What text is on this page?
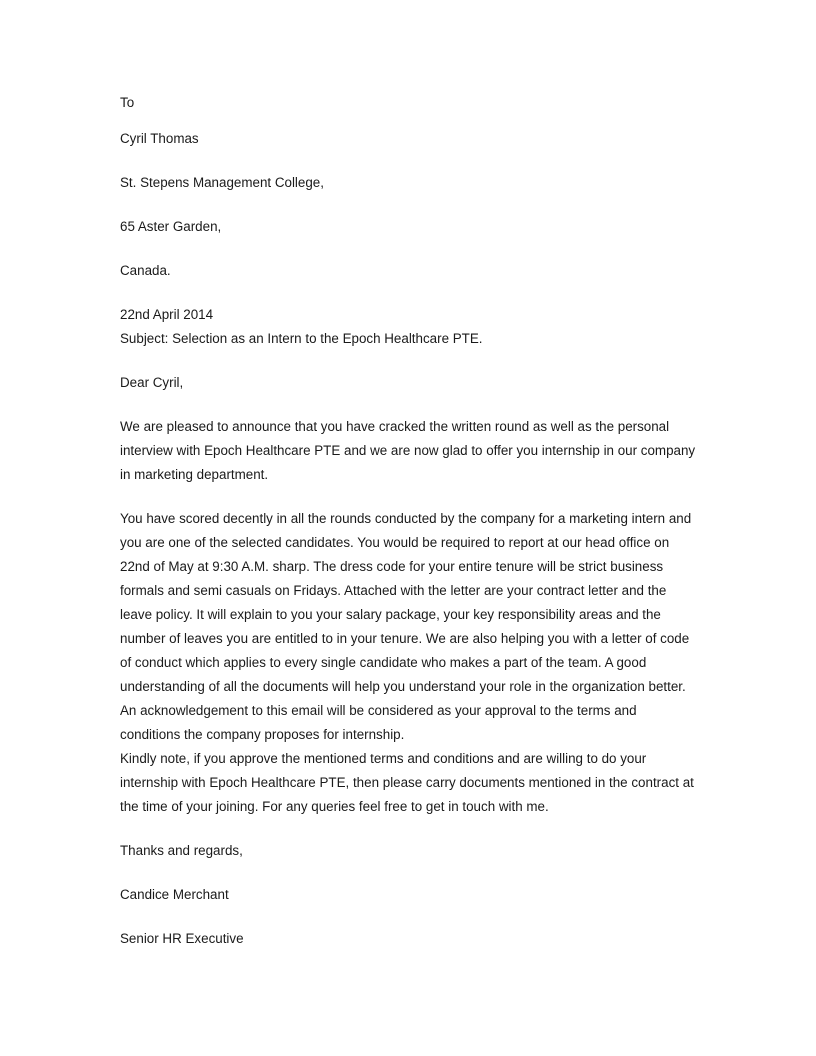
To
Cyril Thomas
St. Stepens Management College,
65 Aster Garden,
Canada.
22nd April 2014
Subject: Selection as an Intern to the Epoch Healthcare PTE.
Dear Cyril,
We are pleased to announce that you have cracked the written round as well as the personal
interview with Epoch Healthcare PTE and we are now glad to offer you internship in our company
in marketing department.
You have scored decently in all the rounds conducted by the company for a marketing intern and
you are one of the selected candidates. You would be required to report at our head office on
22nd of May at 9:30 A.M. sharp. The dress code for your entire tenure will be strict business
formals and semi casuals on Fridays. Attached with the letter are your contract letter and the
leave policy. It will explain to you your salary package, your key responsibility areas and the
number of leaves you are entitled to in your tenure. We are also helping you with a letter of code
of conduct which applies to every single candidate who makes a part of the team. A good
understanding of all the documents will help you understand your role in the organization better.
An acknowledgement to this email will be considered as your approval to the terms and
conditions the company proposes for internship.
Kindly note, if you approve the mentioned terms and conditions and are willing to do your
internship with Epoch Healthcare PTE, then please carry documents mentioned in the contract at
the time of your joining. For any queries feel free to get in touch with me.
Thanks and regards,
Candice Merchant
Senior HR Executive
